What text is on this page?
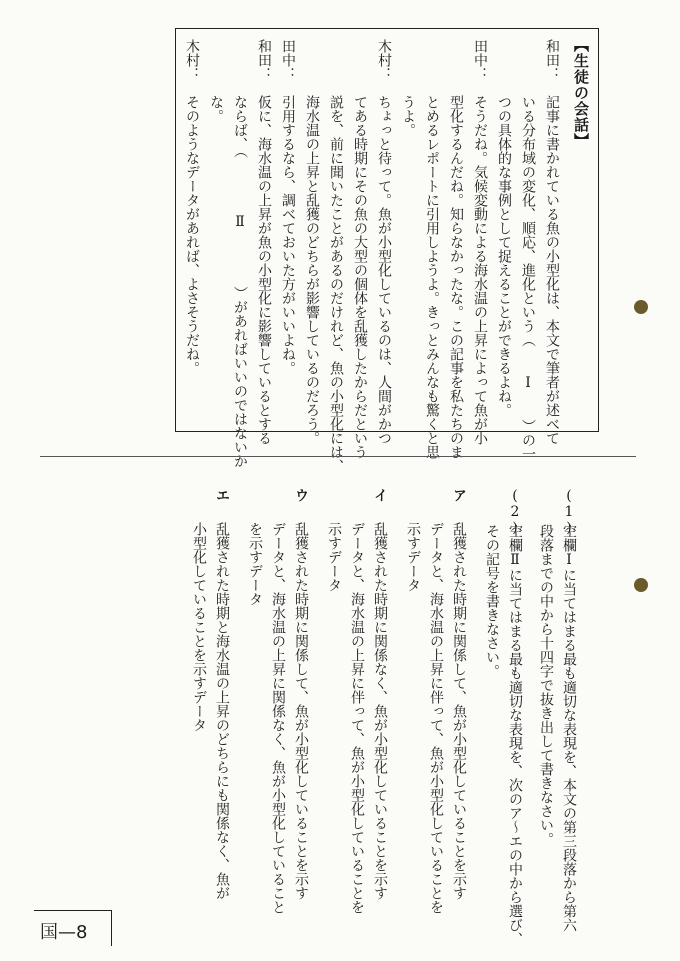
【生徒の会話】
和田：記事に書かれている魚の小型化は、本文で筆者が述べて
いる分布域の変化、順応、進化という（　　Ⅰ　　）の一
つの具体的な事例として捉えることができるよね。
田中：そうだね。気候変動による海水温の上昇によって魚が小
型化するんだね。知らなかったな。この記事を私たちのま
とめるレポートに引用しようよ。きっとみんなも驚くと思
うよ。
木村：ちょっと待って。魚が小型化しているのは、人間がかつ
てある時期にその魚の大型の個体を乱獲したからだという
説を、前に聞いたことがあるのだけれど、魚の小型化には、
海水温の上昇と乱獲のどちらが影響しているのだろう。
田中：引用するなら、調べておいた方がいいよね。
和田：仮に、海水温の上昇が魚の小型化に影響しているとする
ならば、（　　　　Ⅱ　　　　）があればいいのではないか
な。
木村：そのようなデータがあれば、よさそうだね。
(1)空欄Ⅰに当てはまる最も適切な表現を、本文の第三段落から第六
段落までの中から十四字で抜き出して書きなさい。
(2)空欄Ⅱに当てはまる最も適切な表現を、次のア～エの中から選び、
その記号を書きなさい。
ア乱獲された時期に関係して、魚が小型化していることを示す
データと、海水温の上昇に伴って、魚が小型化していることを
示すデータ
イ乱獲された時期に関係なく、魚が小型化していることを示す
データと、海水温の上昇に伴って、魚が小型化していることを
示すデータ
ウ乱獲された時期に関係して、魚が小型化していることを示す
データと、海水温の上昇に関係なく、魚が小型化していること
を示すデータ
エ乱獲された時期と海水温の上昇のどちらにも関係なく、魚が
小型化していることを示すデータ
国—8
